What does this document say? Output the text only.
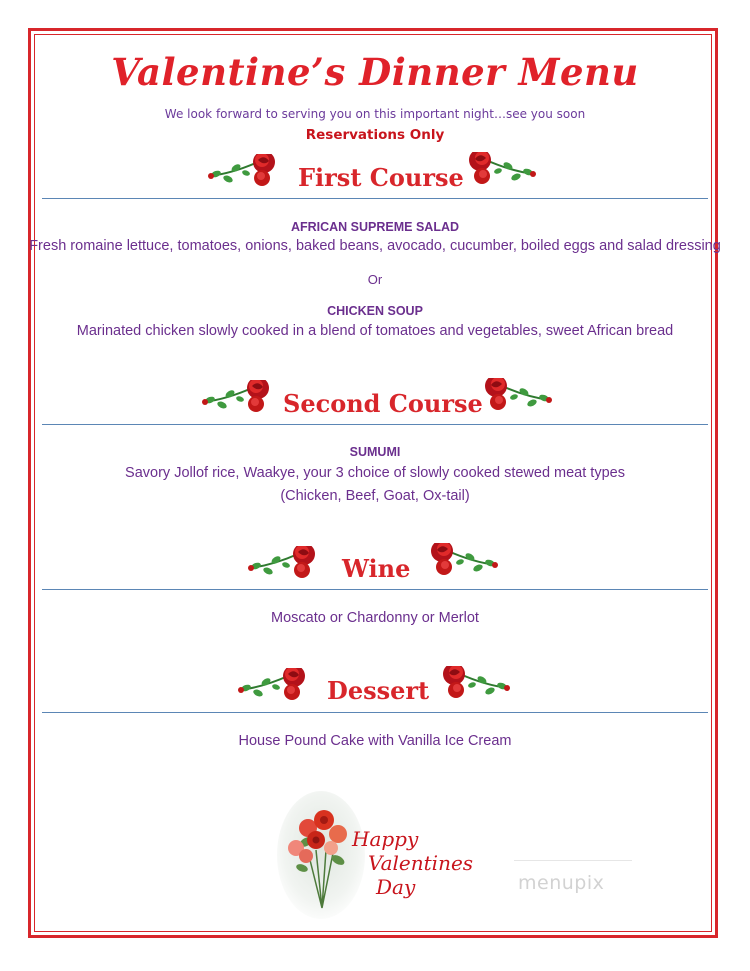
Valentine’s Dinner Menu
We look forward to serving you on this important night…see you soon
Reservations Only
First Course
AFRICAN SUPREME SALAD
Fresh romaine lettuce, tomatoes, onions, baked beans, avocado, cucumber, boiled eggs and salad dressing
Or
CHICKEN SOUP
Marinated chicken slowly cooked in a blend of tomatoes and vegetables, sweet African bread
Second Course
SUMUMI
Savory Jollof rice, Waakye, your 3 choice of slowly cooked stewed meat types
(Chicken, Beef, Goat, Ox-tail)
Wine
Moscato or Chardonny or Merlot
Dessert
House Pound Cake with Vanilla Ice Cream
Happy
Valentines
Day	menupix
